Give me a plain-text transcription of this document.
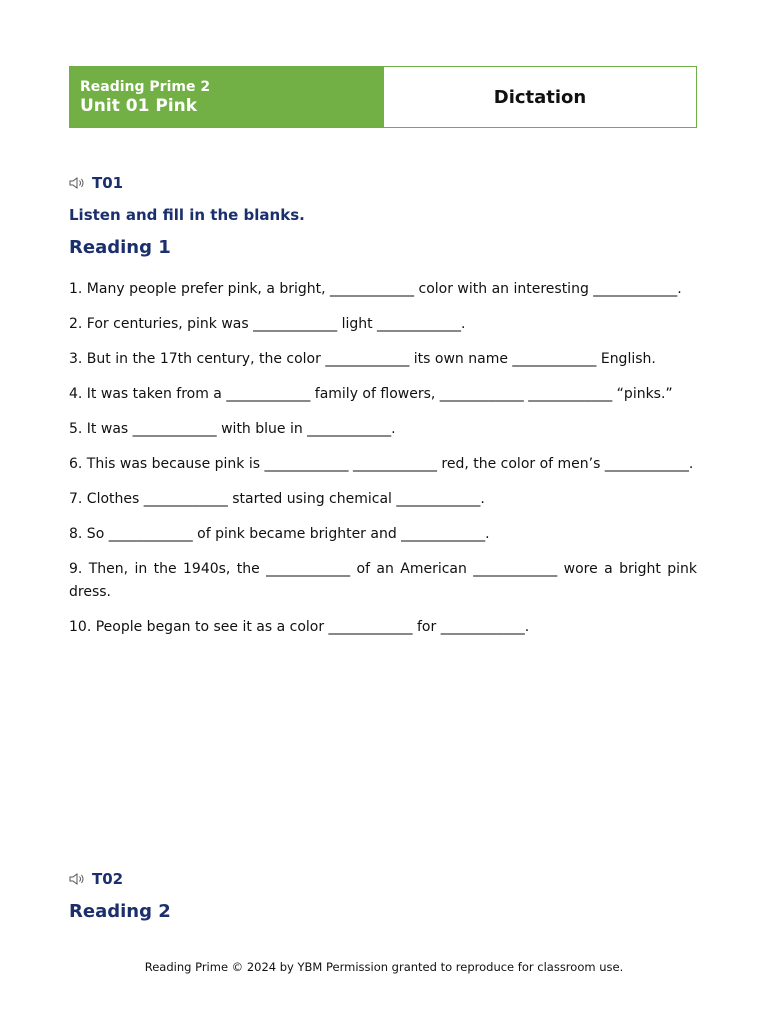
Reading Prime 2
Unit 01 Pink	Dictation
T01
Listen and fill in the blanks.
Reading 1
1. Many people prefer pink, a bright, ____________ color with an interesting ____________.
2. For centuries, pink was ____________ light ____________.
3. But in the 17th century, the color ____________ its own name ____________ English.
4. It was taken from a ____________ family of flowers, ____________ ____________ “pinks.”
5. It was ____________ with blue in ____________.
6. This was because pink is ____________ ____________ red, the color of men’s ____________.
7. Clothes ____________ started using chemical ____________.
8. So ____________ of pink became brighter and ____________.
9. Then, in the 1940s, the ____________ of an American ____________ wore a bright pink dress.
10. People began to see it as a color ____________ for ____________.
T02
Reading 2
Reading Prime © 2024 by YBM Permission granted to reproduce for classroom use.
